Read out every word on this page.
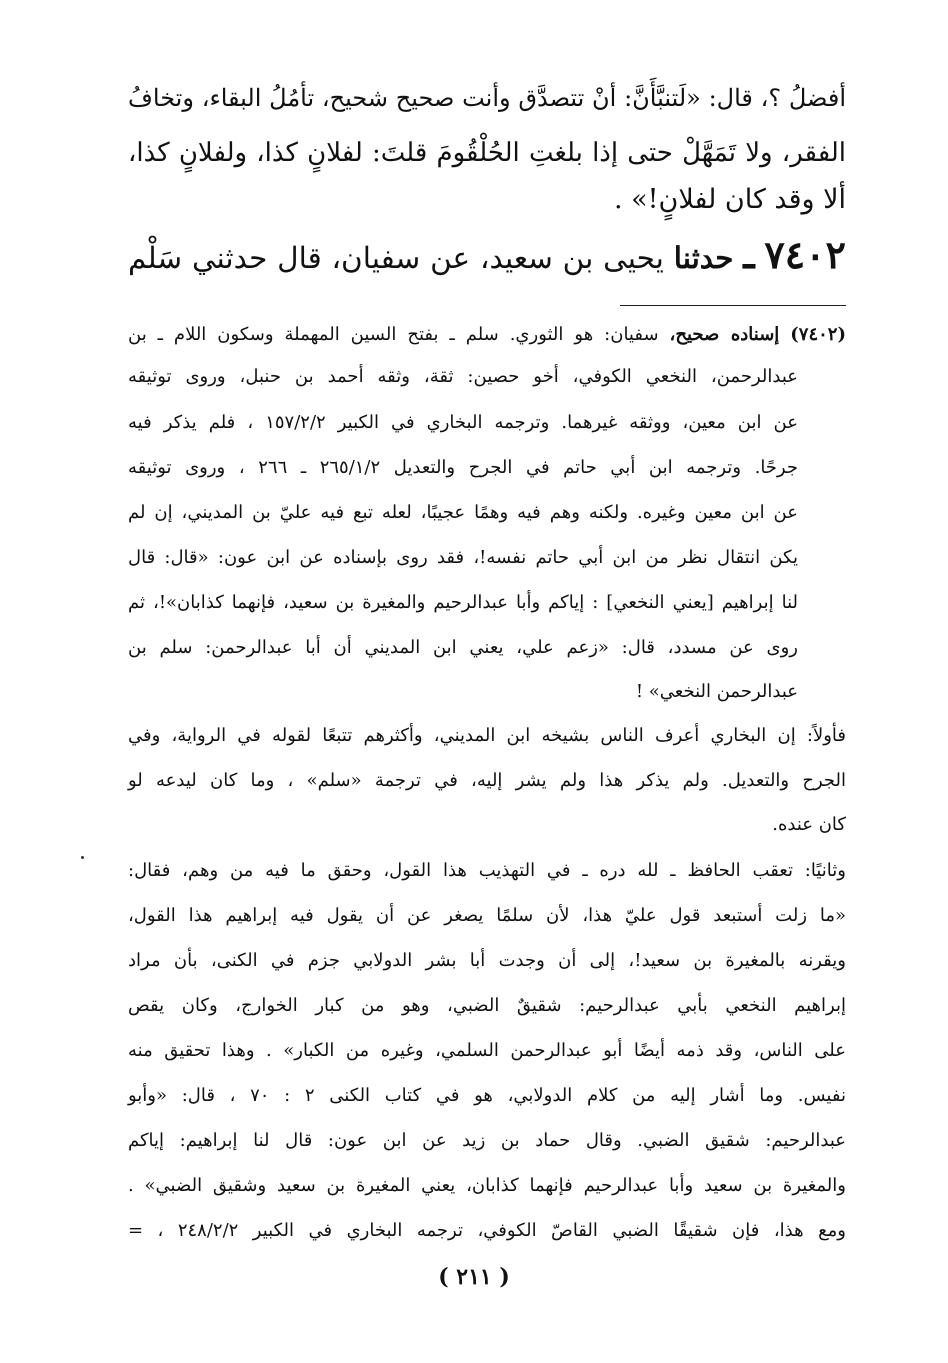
أفضلُ ؟، قال: «لَتنبَّأَنَّ: أنْ تتصدَّق وأنت صحيح شحيح، تأمُلُ البقاء، وتخافُ
الفقر، ولا تَمَهَّلْ حتى إذا بلغتِ الحُلْقُومَ قلتَ: لفلانٍ كذا، ولفلانٍ كذا،
ألا وقد كان لفلانٍ!» .
٧٤٠٢ ـ حدثنا يحيى بن سعيد، عن سفيان، قال حدثني سَلْم
(٧٤٠٢) إسناده صحيح، سفيان: هو الثوري. سلم ـ بفتح السين المهملة وسكون اللام ـ بن
عبدالرحمن، النخعي الكوفي، أخو حصين: ثقة، وثقه أحمد بن حنبل، وروى توثيقه
عن ابن معين، ووثقه غيرهما. وترجمه البخاري في الكبير ١٥٧/٢/٢ ، فلم يذكر فيه
جرحًا. وترجمه ابن أبي حاتم في الجرح والتعديل ٢٦٥/١/٢ ـ ٢٦٦ ، وروى توثيقه
عن ابن معين وغيره. ولكنه وهم فيه وهمًا عجيبًا، لعله تبع فيه عليّ بن المديني، إن لم
يكن انتقال نظر من ابن أبي حاتم نفسه!، فقد روى بإسناده عن ابن عون: «قال: قال
لنا إبراهيم [يعني النخعي] : إياكم وأبا عبدالرحيم والمغيرة بن سعيد، فإنهما كذابان»!، ثم
روى عن مسدد، قال: «زعم علي، يعني ابن المديني أن أبا عبدالرحمن: سلم بن
عبدالرحمن النخعي» !
فأولاً: إن البخاري أعرف الناس بشيخه ابن المديني، وأكثرهم تتبعًا لقوله في الرواية، وفي
الجرح والتعديل. ولم يذكر هذا ولم يشر إليه، في ترجمة «سلم» ، وما كان ليدعه لو
كان عنده.
وثانيًا: تعقب الحافظ ـ لله دره ـ في التهذيب هذا القول، وحقق ما فيه من وهم، فقال:
«ما زلت أستبعد قول عليّ هذا، لأن سلمًا يصغر عن أن يقول فيه إبراهيم هذا القول،
ويقرنه بالمغيرة بن سعيد!، إلى أن وجدت أبا بشر الدولابي جزم في الكنى، بأن مراد
إبراهيم النخعي بأبي عبدالرحيم: شقيقٌ الضبي، وهو من كبار الخوارج، وكان يقص
على الناس، وقد ذمه أيضًا أبو عبدالرحمن السلمي، وغيره من الكبار» . وهذا تحقيق منه
نفيس. وما أشار إليه من كلام الدولابي، هو في كتاب الكنى ٢ : ٧٠ ، قال: «وأبو
عبدالرحيم: شقيق الضبي. وقال حماد بن زيد عن ابن عون: قال لنا إبراهيم: إياكم
والمغيرة بن سعيد وأبا عبدالرحيم فإنهما كذابان، يعني المغيرة بن سعيد وشقيق الضبي» .
ومع هذا، فإن شقيقًا الضبي القاصّ الكوفي، ترجمه البخاري في الكبير ٢٤٨/٢/٢ ، =
( ٢١١ )
